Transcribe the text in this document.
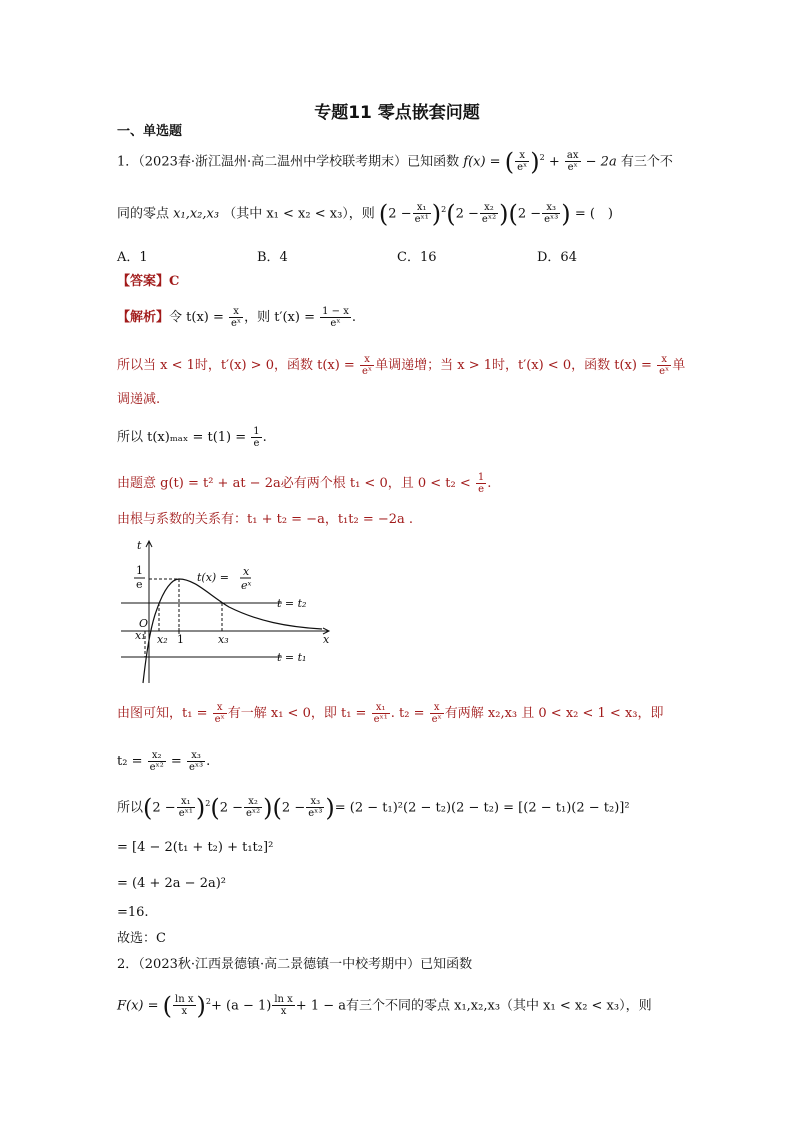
专题11 零点嵌套问题
一、单选题
1．（2023春·浙江温州·高二温州中学校联考期末）已知函数 f(x) = ( $\frac{x}{\text{eˣ}} )^2 + \frac{ax}{\text{eˣ}} - 2a$ 有三个不
同的零点 x₁,x₂,x₃ （其中 x₁ < x₂ < x₃），则 $(2 - \frac{\text{x₁}}{\text{eˣ¹}} )^2(2 - \frac{\text{x₂}}{\text{eˣ²}} )(2 - \frac{\text{x₃}}{\text{eˣ³}}$ ) = (　)
A．1	B．4	C．16	D．64
【答案】C
【解析】令 $t(x) = \frac{x}{\text{eˣ}}$ ，则 $t'(x) = \frac{1 - x}{\text{eˣ}}$ .
所以当 x < 1时，t′(x) > 0，函数 $t(x) = \frac{x}{\text{eˣ}}$ 单调递增；当 x > 1时，t′(x) < 0，函数 $t(x) = \frac{x}{\text{eˣ}}$ 单
调递减.
所以 $t(x)_{max} = t(1) = \frac{1}{e}$ .
由题意 g(t) = t² + at − 2a必有两个根 t₁ < 0，且 $0 < t_2 < \frac{1}{e}$ .
由根与系数的关系有：t₁ + t₂ = −a，t₁t₂ = −2a .
t
x
O
x₁ x₂	x₃
t = t₂
t = t₁
t(x) = x
eˣ
1
e
1
由图可知，$t_1 = \frac{x}{\text{eˣ}}$ 有一解 x₁ < 0，即 $t_1 = \frac{\text{x₁}}{\text{eˣ¹}}$ . $t_2 = \frac{x}{\text{eˣ}}$ 有两解 x₂,x₃ 且 0 < x₂ < 1 < x₃，即
$t_2 = \frac{\text{x₂}}{\text{eˣ²}} = \frac{\text{x₃}}{\text{eˣ³}}$ .
所以$(2 - \frac{\text{x₁}}{\text{eˣ¹}} )^2(2 - \frac{\text{x₂}}{\text{eˣ²}} )(2 - \frac{\text{x₃}}{\text{eˣ³}}$ )= (2 − t₁)²(2 − t₂)(2 − t₂) = [(2 − t₁)(2 − t₂)]²
= [4 − 2(t₁ + t₂) + t₁t₂]²
= (4 + 2a − 2a)²
=16.
故选：C
2．（2023秋·江西景德镇·高二景德镇一中校考期中）已知函数
F(x) = ( $\frac{\text{ln x}}{x} )^2+ (a - 1) \frac{\text{ln x}}{x} + 1 - a$有三个不同的零点 x₁,x₂,x₃（其中 x₁ < x₂ < x₃），则
